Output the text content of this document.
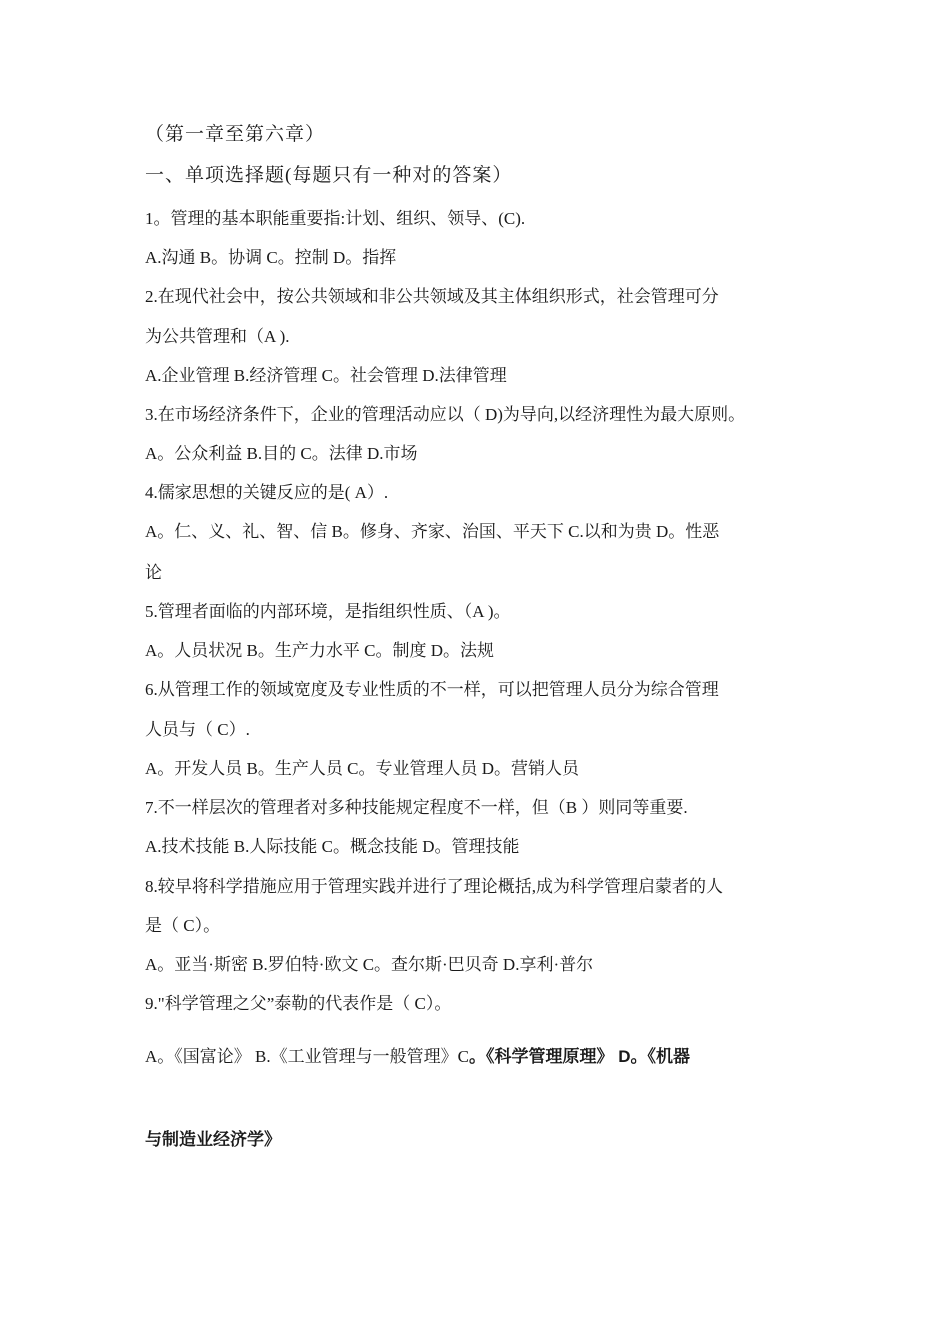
（第一章至第六章）
一、单项选择题(每题只有一种对的答案）
1。管理的基本职能重要指:计划、组织、领导、(C).
A.沟通 B。协调 C。控制 D。指挥
2.在现代社会中，按公共领域和非公共领域及其主体组织形式，社会管理可分
为公共管理和（A ).
A.企业管理 B.经济管理 C。社会管理 D.法律管理
3.在市场经济条件下，企业的管理活动应以（ D)为导向,以经济理性为最大原则。
A。公众利益 B.目的 C。法律 D.市场
4.儒家思想的关键反应的是( A）.
A。仁、义、礼、智、信 B。修身、齐家、治国、平天下 C.以和为贵 D。性恶
论
5.管理者面临的内部环境，是指组织性质、（A )。
A。人员状况 B。生产力水平 C。制度 D。法规
6.从管理工作的领域宽度及专业性质的不一样，可以把管理人员分为综合管理
人员与（ C）.
A。开发人员 B。生产人员 C。专业管理人员 D。营销人员
7.不一样层次的管理者对多种技能规定程度不一样，但（B ）则同等重要.
A.技术技能 B.人际技能 C。概念技能 D。管理技能
8.较早将科学措施应用于管理实践并进行了理论概括,成为科学管理启蒙者的人
是（ C）。
A。亚当·斯密 B.罗伯特·欧文 C。查尔斯·巴贝奇 D.享利·普尔
9."科学管理之父”泰勒的代表作是（ C）。
A。《国富论》 B.《工业管理与一般管理》C。《科学管理原理》 D。《机器
与制造业经济学》
